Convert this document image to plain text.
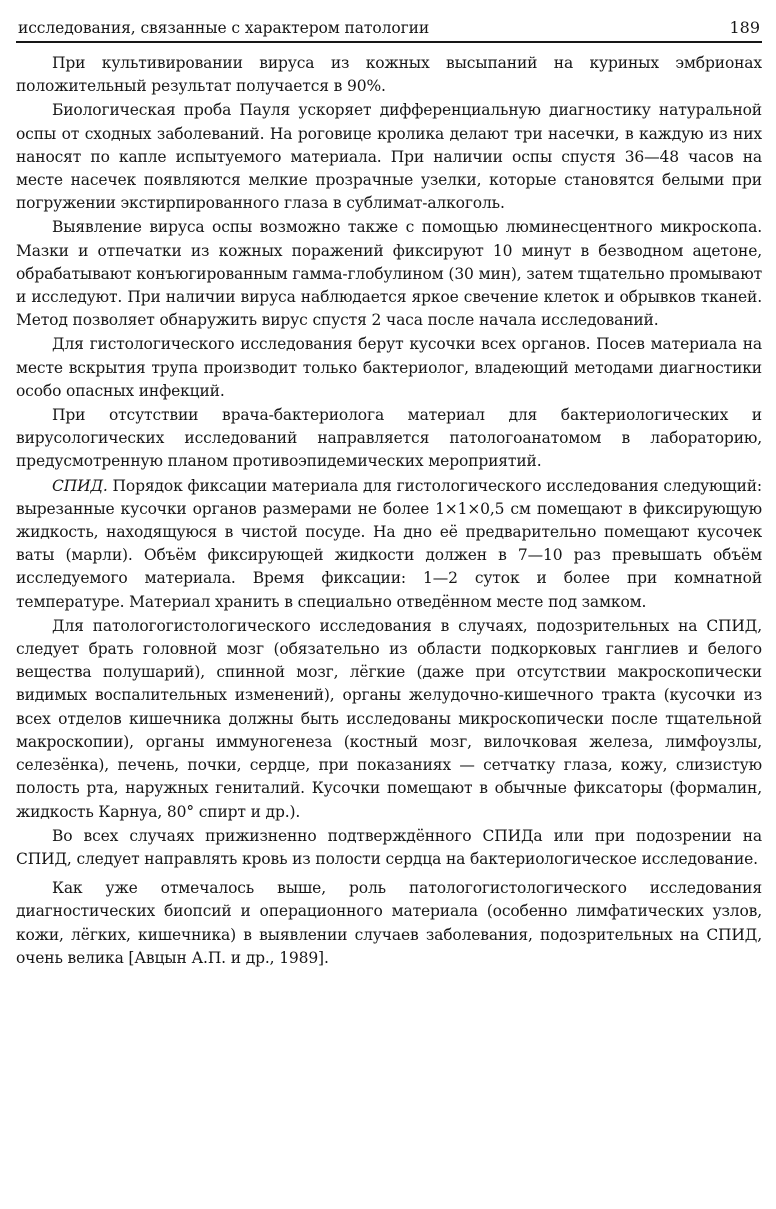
исследования, связанные с характером патологии	189

При культивировании вируса из кожных высыпаний на куриных эмбрионах положительный результат получается в 90%.

Биологическая проба Пауля ускоряет дифференциальную диагностику натуральной оспы от сходных заболеваний. На роговице кролика делают три насечки, в каждую из них наносят по капле испытуемого материала. При наличии оспы спустя 36—48 часов на месте насечек появляются мелкие прозрачные узелки, которые становятся белыми при погружении экстирпированного глаза в сублимат-алкоголь.

Выявление вируса оспы возможно также с помощью люминесцентного микроскопа. Мазки и отпечатки из кожных поражений фиксируют 10 минут в безводном ацетоне, обрабатывают конъюгированным гамма-глобулином (30 мин), затем тщательно промывают и исследуют. При наличии вируса наблюдается яркое свечение клеток и обрывков тканей. Метод позволяет обнаружить вирус спустя 2 часа после начала исследований.

Для гистологического исследования берут кусочки всех органов. Посев материала на месте вскрытия трупа производит только бактериолог, владеющий методами диагностики особо опасных инфекций.

При отсутствии врача-бактериолога материал для бактериологических и вирусологических исследований направляется патологоанатомом в лабораторию, предусмотренную планом противоэпидемических мероприятий.

СПИД. Порядок фиксации материала для гистологического исследования следующий: вырезанные кусочки органов размерами не более 1×1×0,5 см помещают в фиксирующую жидкость, находящуюся в чистой посуде. На дно её предварительно помещают кусочек ваты (марли). Объём фиксирующей жидкости должен в 7—10 раз превышать объём исследуемого материала. Время фиксации: 1—2 суток и более при комнатной температуре. Материал хранить в специально отведённом месте под замком.

Для патологогистологического исследования в случаях, подозрительных на СПИД, следует брать головной мозг (обязательно из области подкорковых ганглиев и белого вещества полушарий), спинной мозг, лёгкие (даже при отсутствии макроскопически видимых воспалительных изменений), органы желудочно-кишечного тракта (кусочки из всех отделов кишечника должны быть исследованы микроскопически после тщательной макроскопии), органы иммуногенеза (костный мозг, вилочковая железа, лимфоузлы, селезёнка), печень, почки, сердце, при показаниях — сетчатку глаза, кожу, слизистую полость рта, наружных гениталий. Кусочки помещают в обычные фиксаторы (формалин, жидкость Карнуа, 80° спирт и др.).

Во всех случаях прижизненно подтверждённого СПИДа или при подозрении на СПИД, следует направлять кровь из полости сердца на бактериологическое исследование.

Как уже отмечалось выше, роль патологогистологического исследования диагностических биопсий и операционного материала (особенно лимфатических узлов, кожи, лёгких, кишечника) в выявлении случаев заболевания, подозрительных на СПИД, очень велика [Авцын А.П. и др., 1989].
